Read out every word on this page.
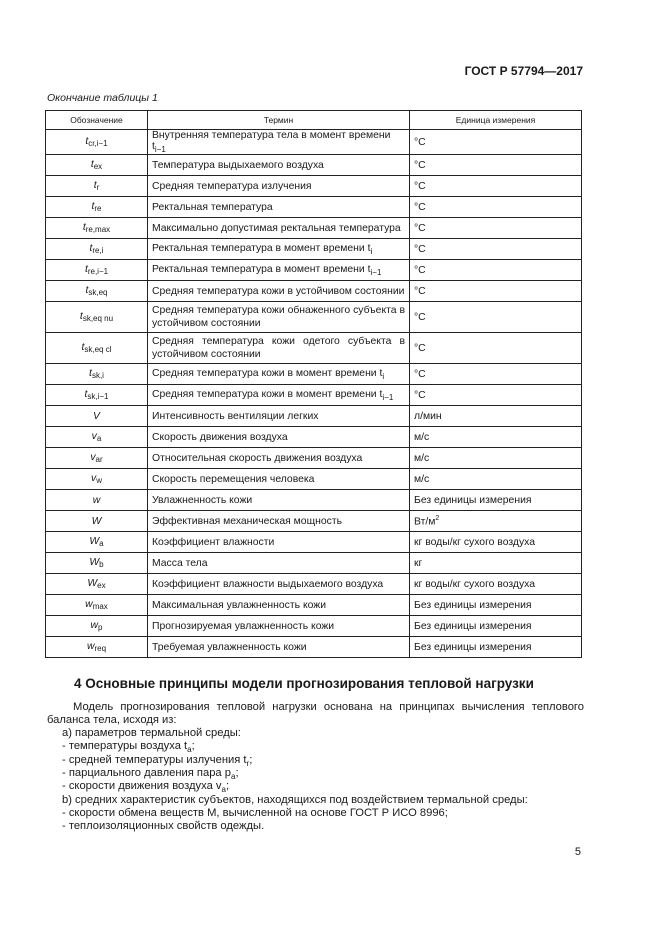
ГОСТ Р 57794—2017
Окончание таблицы 1
Обозначение	Термин	Единица измерения
$t_{cr,i-1}$	Внутренняя температура тела в момент времени $t_{i-1}$	°C
$t_{ex}$	Температура выдыхаемого воздуха	°C
$t_r$	Средняя температура излучения	°C
$t_{re}$	Ректальная температура	°C
$t_{re,max}$	Максимально допустимая ректальная температура	°C
$t_{re,i}$	Ректальная температура в момент времени $t_i$	°C
$t_{re,i-1}$	Ректальная температура в момент времени $t_{i-1}$	°C
$t_{sk,eq}$	Средняя температура кожи в устойчивом состоянии	°C
$t_{sk,eq nu}$	Средняя температура кожи обнаженного субъекта в устойчивом состоянии	°C
$t_{sk,eq cl}$	Средняя температура кожи одетого субъекта в устойчивом состоянии	°C
$t_{sk,i}$	Средняя температура кожи в момент времени $t_i$	°C
$t_{sk,i-1}$	Средняя температура кожи в момент времени $t_{i-1}$	°C
V	Интенсивность вентиляции легких	л/мин
$v_a$	Скорость движения воздуха	м/с
$v_{ar}$	Относительная скорость движения воздуха	м/с
$v_w$	Скорость перемещения человека	м/с
w	Увлажненность кожи	Без единицы измерения
W	Эффективная механическая мощность	$Вт/м^2$
$W_a$	Коэффициент влажности	кг воды/кг сухого воздуха
$W_b$	Масса тела	кг
$W_{ex}$	Коэффициент влажности выдыхаемого воздуха	кг воды/кг сухого воздуха
$w_{max}$	Максимальная увлажненность кожи	Без единицы измерения
$w_p$	Прогнозируемая увлажненность кожи	Без единицы измерения
$w_{req}$	Требуемая увлажненность кожи	Без единицы измерения
4 Основные принципы модели прогнозирования тепловой нагрузки
Модель прогнозирования тепловой нагрузки основана на принципах вычисления теплового баланса тела, исходя из:
а) параметров термальной среды:
- температуры воздуха $t_a$;
- средней температуры излучения $t_r$;
- парциального давления пара $p_a$;
- скорости движения воздуха $v_a$;
b) средних характеристик субъектов, находящихся под воздействием термальной среды:
- скорости обмена веществ M, вычисленной на основе ГОСТ Р ИСО 8996;
- теплоизоляционных свойств одежды.
5
